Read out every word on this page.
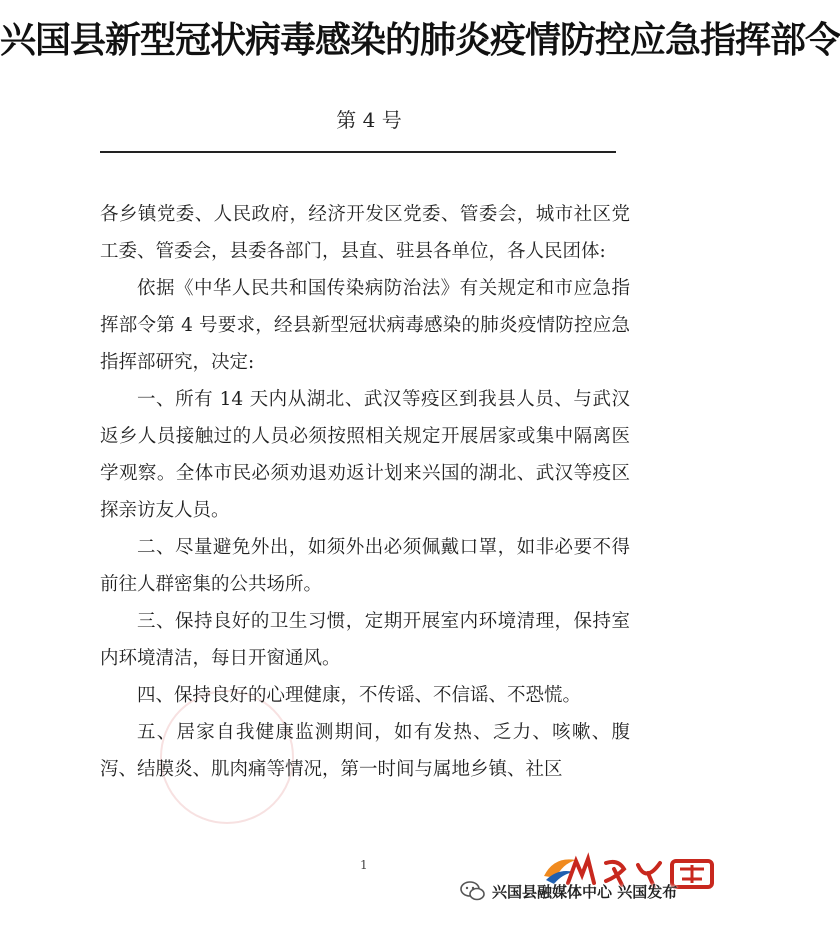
兴国县新型冠状病毒感染的肺炎疫情防控应急指挥部令
第 4 号

各乡镇党委、人民政府，经济开发区党委、管委会，城市社区党工委、管委会，县委各部门，县直、驻县各单位，各人民团体:

依据《中华人民共和国传染病防治法》有关规定和市应急指挥部令第 4 号要求，经县新型冠状病毒感染的肺炎疫情防控应急指挥部研究，决定:

一、所有 14 天内从湖北、武汉等疫区到我县人员、与武汉返乡人员接触过的人员必须按照相关规定开展居家或集中隔离医学观察。全体市民必须劝退劝返计划来兴国的湖北、武汉等疫区探亲访友人员。

二、尽量避免外出，如须外出必须佩戴口罩，如非必要不得前往人群密集的公共场所。

三、保持良好的卫生习惯，定期开展室内环境清理，保持室内环境清洁，每日开窗通风。

四、保持良好的心理健康，不传谣、不信谣、不恐慌。

五、居家自我健康监测期间，如有发热、乏力、咳嗽、腹泻、结膜炎、肌肉痛等情况，第一时间与属地乡镇、社区

1
兴国县融媒体中心 兴国发布
